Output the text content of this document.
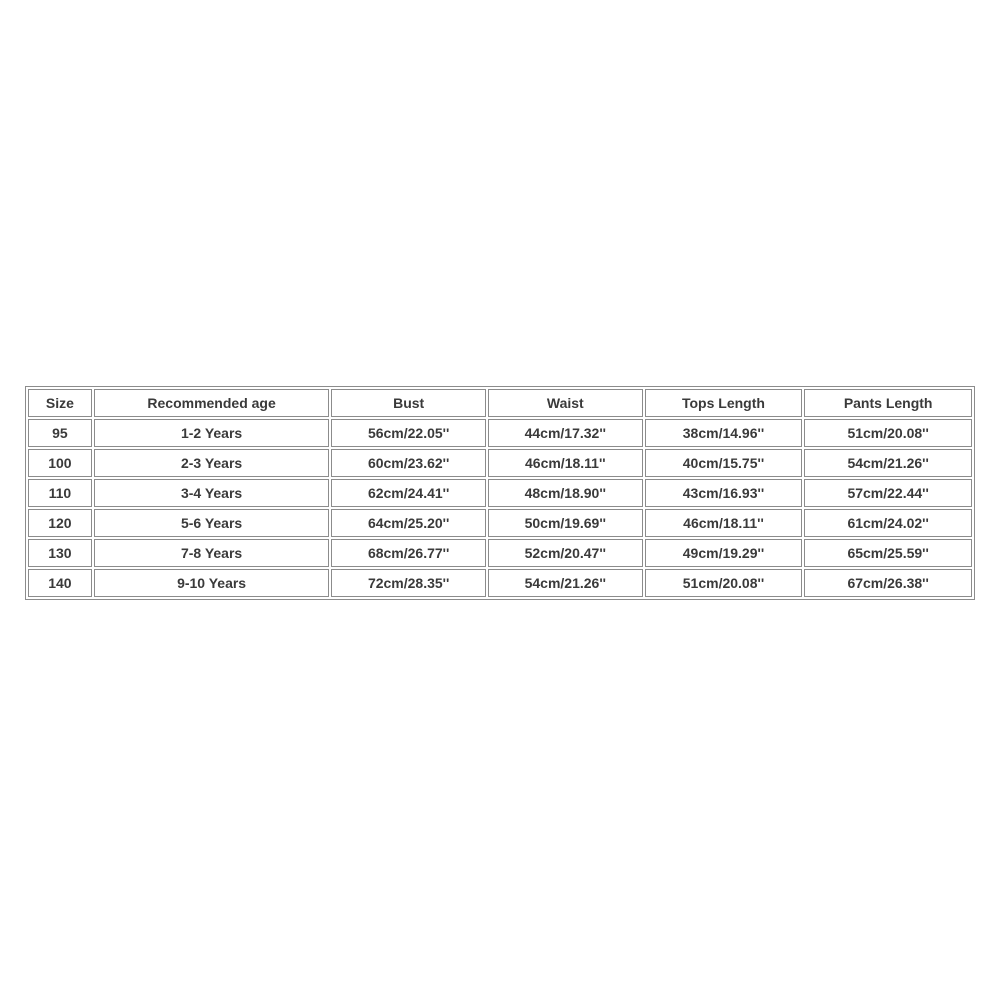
Size	Recommended age	Bust	Waist	Tops Length	Pants Length
95	1-2 Years	56cm/22.05''	44cm/17.32''	38cm/14.96''	51cm/20.08''
100	2-3 Years	60cm/23.62''	46cm/18.11''	40cm/15.75''	54cm/21.26''
110	3-4 Years	62cm/24.41''	48cm/18.90''	43cm/16.93''	57cm/22.44''
120	5-6 Years	64cm/25.20''	50cm/19.69''	46cm/18.11''	61cm/24.02''
130	7-8 Years	68cm/26.77''	52cm/20.47''	49cm/19.29''	65cm/25.59''
140	9-10 Years	72cm/28.35''	54cm/21.26''	51cm/20.08''	67cm/26.38''
